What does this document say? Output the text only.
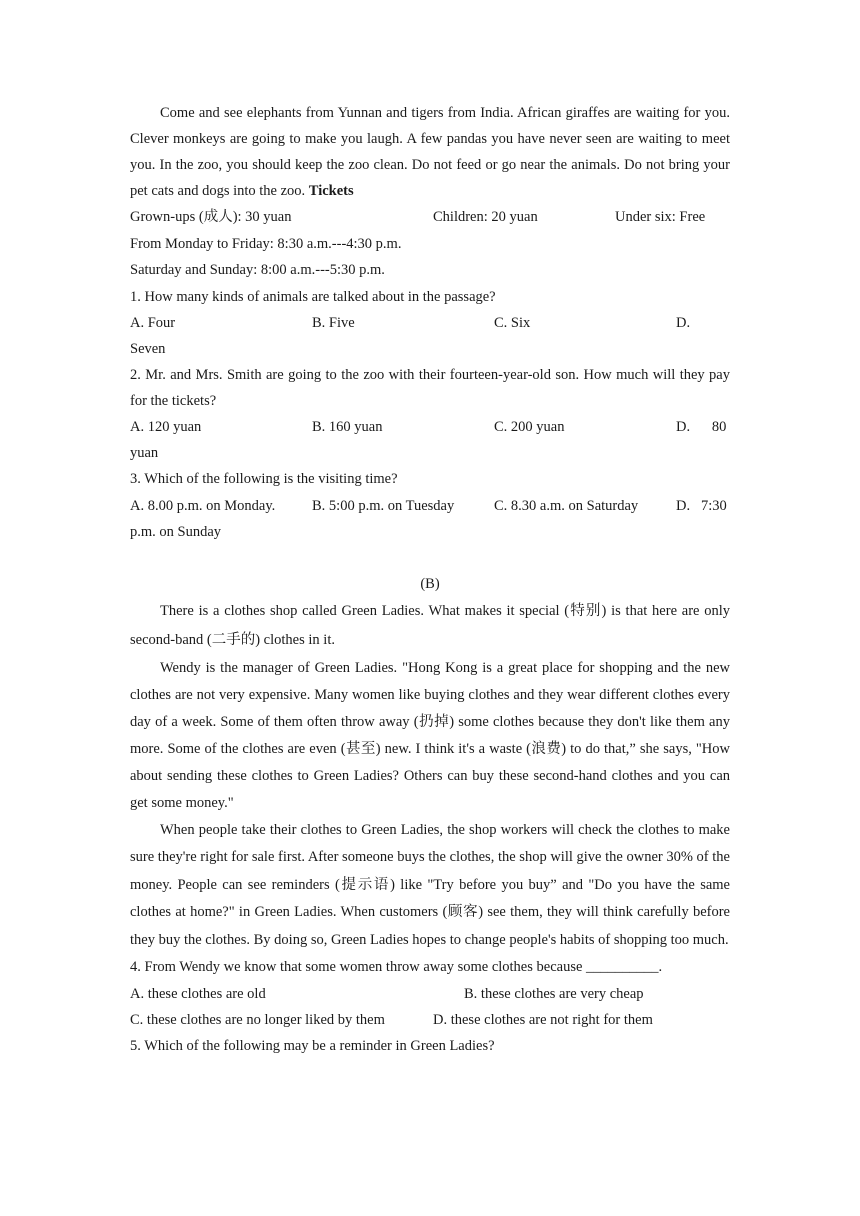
Come and see elephants from Yunnan and tigers from India. African giraffes are waiting for you. Clever monkeys are going to make you laugh. A few pandas you have never seen are waiting to meet you. In the zoo, you should keep the zoo clean. Do not feed or go near the animals. Do not bring your pet cats and dogs into the zoo. Tickets

Grown-ups (成人): 30 yuan	Children: 20 yuan	Under six: Free
From Monday to Friday: 8:30 a.m.---4:30 p.m.
Saturday and Sunday: 8:00 a.m.---5:30 p.m.
1. How many kinds of animals are talked about in the passage?
A. Four	B. Five	C. Six	D.
Seven

2. Mr. and Mrs. Smith are going to the zoo with their fourteen-year-old son. How much will they pay for the tickets?

A. 120 yuan	B. 160 yuan	C. 200 yuan	D.      80
yuan
3. Which of the following is the visiting time?
A. 8.00 p.m. on Monday.	B. 5:00 p.m. on Tuesday	C. 8.30 a.m. on Saturday	D.   7:30
p.m. on Sunday
(B)

There is a clothes shop called Green Ladies. What makes it special (特别) is that here are only second-band (二手的) clothes in it.

Wendy is the manager of Green Ladies. "Hong Kong is a great place for shopping and the new clothes are not very expensive. Many women like buying clothes and they wear different clothes every day of a week. Some of them often throw away (扔掉) some clothes because they don't like them any more. Some of the clothes are even (甚至) new. I think it's a waste (浪费) to do that,” she says, "How about sending these clothes to Green Ladies? Others can buy these second-hand clothes and you can get some money."

When people take their clothes to Green Ladies, the shop workers will check the clothes to make sure they're right for sale first. After someone buys the clothes, the shop will give the owner 30% of the money. People can see reminders (提示语) like "Try before you buy” and "Do you have the same clothes at home?" in Green Ladies. When customers (顾客) see them, they will think carefully before they buy the clothes. By doing so, Green Ladies hopes to change people's habits of shopping too much.

4. From Wendy we know that some women throw away some clothes because __________.
A. these clothes are old	B. these clothes are very cheap
C. these clothes are no longer liked by them	D. these clothes are not right for them
5. Which of the following may be a reminder in Green Ladies?
